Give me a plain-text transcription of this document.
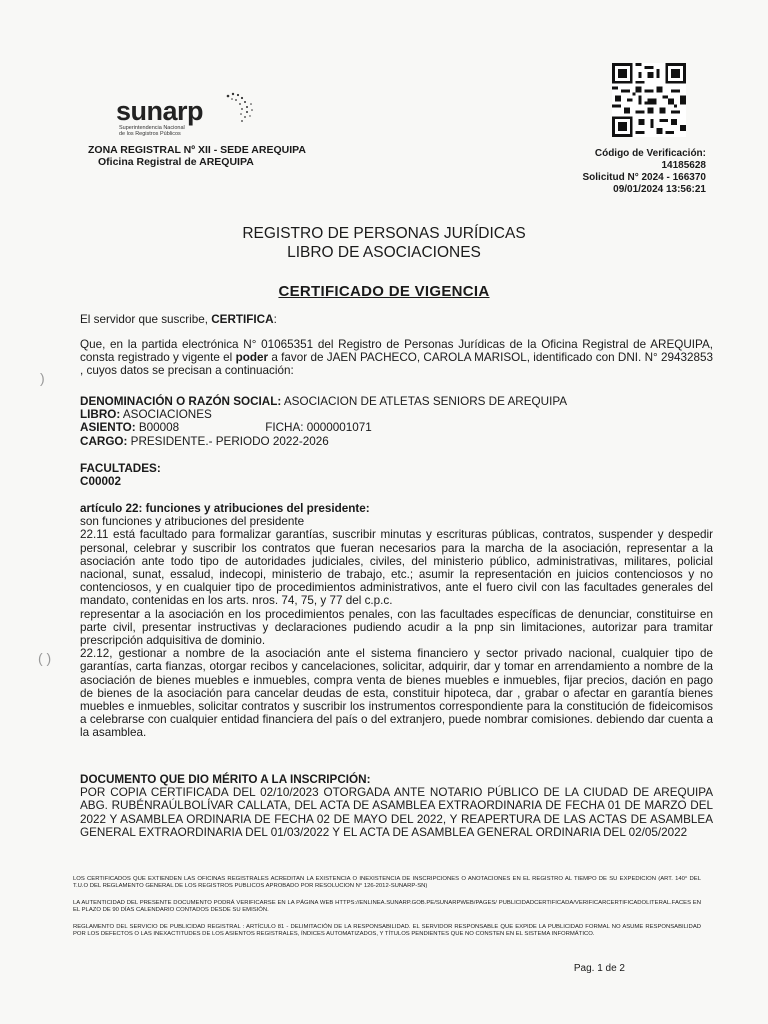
sunarp
Superintendencia Nacional
de los Registros Públicos
ZONA REGISTRAL Nº XII - SEDE AREQUIPA
Oficina Registral de AREQUIPA
Código de Verificación:
14185628
Solicitud N° 2024 - 166370
09/01/2024 13:56:21
REGISTRO DE PERSONAS JURÍDICAS
LIBRO DE ASOCIACIONES
CERTIFICADO DE VIGENCIA
El servidor que suscribe, CERTIFICA:
Que, en la partida electrónica N° 01065351 del Registro de Personas Jurídicas de la Oficina Registral de AREQUIPA, consta registrado y vigente el poder a favor de JAEN PACHECO, CAROLA MARISOL, identificado con DNI. N° 29432853 , cuyos datos se precisan a continuación:
DENOMINACIÓN O RAZÓN SOCIAL: ASOCIACION DE ATLETAS SENIORS DE AREQUIPA
LIBRO: ASOCIACIONES
ASIENTO: B00008	FICHA: 0000001071
CARGO: PRESIDENTE.- PERIODO 2022-2026
FACULTADES:
C00002
artículo 22: funciones y atribuciones del presidente:
son funciones y atribuciones del presidente
22.11 está facultado para formalizar garantías, suscribir minutas y escrituras públicas, contratos, suspender y despedir personal, celebrar y suscribir los contratos que fueran necesarios para la marcha de la asociación, representar a la asociación ante todo tipo de autoridades judiciales, civiles, del ministerio público, administrativas, militares, policial nacional, sunat, essalud, indecopi, ministerio de trabajo, etc.; asumir la representación en juicios contenciosos y no contenciosos, y en cualquier tipo de procedimientos administrativos, ante el fuero civil con las facultades generales del mandato, contenidas en los arts. nros. 74, 75, y 77 del c.p.c.
representar a la asociación en los procedimientos penales, con las facultades específicas de denunciar, constituirse en parte civil, presentar instructivas y declaraciones pudiendo acudir a la pnp sin limitaciones, autorizar para tramitar prescripción adquisitiva de dominio.
22.12, gestionar a nombre de la asociación ante el sistema financiero y sector privado nacional, cualquier tipo de garantías, carta fianzas, otorgar recibos y cancelaciones, solicitar, adquirir, dar y tomar en arrendamiento a nombre de la asociación de bienes muebles e inmuebles, compra venta de bienes muebles e inmuebles, fijar precios, dación en pago de bienes de la asociación para cancelar deudas de esta, constituir hipoteca, dar , grabar o afectar en garantía bienes muebles e inmuebles, solicitar contratos y suscribir los instrumentos correspondiente para la constitución de fideicomisos a celebrarse con cualquier entidad financiera del país o del extranjero, puede nombrar comisiones. debiendo dar cuenta a la asamblea.
DOCUMENTO QUE DIO MÉRITO A LA INSCRIPCIÓN:
POR COPIA CERTIFICADA DEL 02/10/2023 OTORGADA ANTE NOTARIO PÚBLICO DE LA CIUDAD DE AREQUIPA ABG. RUBÉNRAÚLBOLÍVAR CALLATA, DEL ACTA DE ASAMBLEA EXTRAORDINARIA DE FECHA 01 DE MARZO DEL 2022 Y ASAMBLEA ORDINARIA DE FECHA 02 DE MAYO DEL 2022, Y REAPERTURA DE LAS ACTAS DE ASAMBLEA GENERAL EXTRAORDINARIA DEL 01/03/2022 Y EL ACTA DE ASAMBLEA GENERAL ORDINARIA DEL 02/05/2022
LOS CERTIFICADOS QUE EXTIENDEN LAS OFICINAS REGISTRALES ACREDITAN LA EXISTENCIA O INEXISTENCIA DE INSCRIPCIONES O ANOTACIONES EN EL REGISTRO AL TIEMPO DE SU EXPEDICION (ART. 140° DEL T.U.O DEL REGLAMENTO GENERAL DE LOS REGISTROS PUBLICOS APROBADO POR RESOLUCION N° 126-2012-SUNARP-SN)
LA AUTENTICIDAD DEL PRESENTE DOCUMENTO PODRÁ VERIFICARSE EN LA PÁGINA WEB HTTPS://ENLINEA.SUNARP.GOB.PE/SUNARPWEB/PAGES/ PUBLICIDADCERTIFICADA/VERIFICARCERTIFICADOLITERAL.FACES EN EL PLAZO DE 90 DÍAS CALENDARIO CONTADOS DESDE SU EMISIÓN.
REGLAMENTO DEL SERVICIO DE PUBLICIDAD REGISTRAL : ARTÍCULO 81 - DELIMITACIÓN DE LA RESPONSABILIDAD. EL SERVIDOR RESPONSABLE QUE EXPIDE LA PUBLICIDAD FORMAL NO ASUME RESPONSABILIDAD POR LOS DEFECTOS O LAS INEXACTITUDES DE LOS ASIENTOS REGISTRALES, ÍNDICES AUTOMATIZADOS, Y TÍTULOS PENDIENTES QUE NO CONSTEN EN EL SISTEMA INFORMÁTICO.
Pag. 1 de 2
)
( )
